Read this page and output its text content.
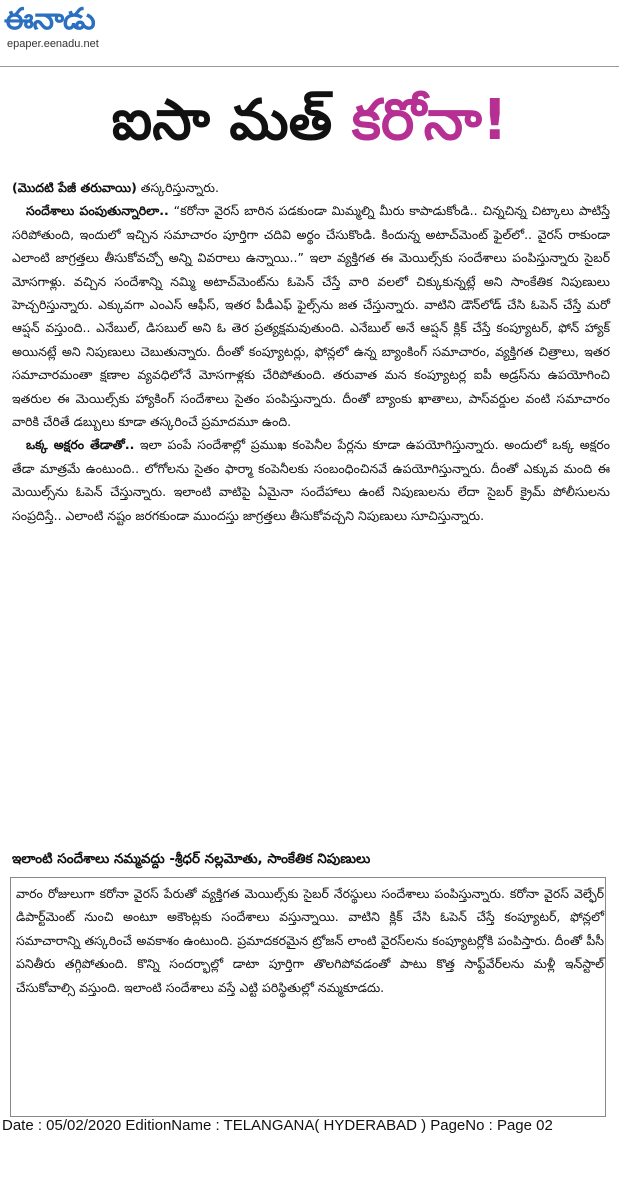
ఈనాడు
epaper.eenadu.net
ఐసా మత్ కరోనా!

(మొదటి పేజీ తరువాయి) తస్కరిస్తున్నారు.

సందేశాలు పంపుతున్నారిలా.. “కరోనా వైరస్ బారిన పడకుండా మిమ్మల్ని మీరు కాపాడుకోండి.. చిన్నచిన్న చిట్కాలు పాటిస్తే సరిపోతుంది, ఇందులో ఇచ్చిన సమాచారం పూర్తిగా చదివి అర్థం చేసుకొండి. కిందున్న అటాచ్‌మెంట్ ఫైల్‌లో.. వైరస్ రాకుండా ఎలాంటి జాగ్రత్తలు తీసుకోవచ్చో అన్ని వివరాలు ఉన్నాయి..” ఇలా వ్యక్తిగత ఈ మెయిల్స్‌కు సందేశాలు పంపిస్తున్నారు సైబర్ మోసగాళ్లు. వచ్చిన సందేశాన్ని నమ్మి అటాచ్‌మెంట్‌ను ఓపెన్ చేస్తే వారి వలలో చిక్కుకున్నట్లే అని సాంకేతిక నిపుణులు హెచ్చరిస్తున్నారు. ఎక్కువగా ఎంఎస్ ఆఫీస్, ఇతర పీడీఎఫ్ ఫైల్స్‌ను జత చేస్తున్నారు. వాటిని డౌన్‌లోడ్ చేసి ఓపెన్ చేస్తే మరో ఆప్షన్ వస్తుంది.. ఎనేబుల్, డిసబుల్ అని ఓ తెర ప్రత్యక్షమవుతుంది. ఎనేబుల్ అనే ఆప్షన్ క్లిక్ చేస్తే కంప్యూటర్, ఫోన్ హ్యాక్ అయినట్లే అని నిపుణులు చెబుతున్నారు. దీంతో కంప్యూటర్లు, ఫోన్లలో ఉన్న బ్యాంకింగ్ సమాచారం, వ్యక్తిగత చిత్రాలు, ఇతర సమాచారమంతా క్షణాల వ్యవధిలోనే మోసగాళ్లకు చేరిపోతుంది. తరువాత మన కంప్యూటర్ల ఐపీ అడ్రస్‌ను ఉపయోగించి ఇతరుల ఈ మెయిల్స్‌కు హ్యాకింగ్ సందేశాలు సైతం పంపిస్తున్నారు. దీంతో బ్యాంకు ఖాతాలు, పాస్‌వర్డుల వంటి సమాచారం వారికి చేరితే డబ్బులు కూడా తస్కరించే ప్రమాదమూ ఉంది.

ఒక్క అక్షరం తేడాతో.. ఇలా పంపే సందేశాల్లో ప్రముఖ కంపెనీల పేర్లను కూడా ఉపయోగిస్తున్నారు. అందులో ఒక్క అక్షరం తేడా మాత్రమే ఉంటుంది.. లోగోలను సైతం ఫార్మా కంపెనీలకు సంబంధించినవే ఉపయోగిస్తున్నారు. దీంతో ఎక్కువ మంది ఈ మెయిల్స్‌ను ఓపెన్ చేస్తున్నారు. ఇలాంటి వాటిపై ఏమైనా సందేహాలు ఉంటే నిపుణులను లేదా సైబర్ క్రైమ్ పోలీసులను సంప్రదిస్తే.. ఎలాంటి నష్టం జరగకుండా ముందస్తు జాగ్రత్తలు తీసుకోవచ్చని నిపుణులు సూచిస్తున్నారు.

ఇలాంటి సందేశాలు నమ్మవద్దు -శ్రీధర్ నల్లమోతు, సాంకేతిక నిపుణులు
వారం రోజులుగా కరోనా వైరస్ పేరుతో వ్యక్తిగత మెయిల్స్‌కు సైబర్ నేరస్థులు సందేశాలు పంపిస్తున్నారు. కరోనా వైరస్ వెల్ఫేర్ డిపార్ట్‌మెంట్ నుంచి అంటూ అకౌంట్లకు సందేశాలు వస్తున్నాయి. వాటిని క్లిక్ చేసి ఓపెన్ చేస్తే కంప్యూటర్, ఫోన్లలో సమాచారాన్ని తస్కరించే అవకాశం ఉంటుంది. ప్రమాదకరమైన ట్రోజన్ లాంటి వైరస్‌లను కంప్యూటర్లోకి పంపిస్తారు. దీంతో పీసీ పనితీరు తగ్గిపోతుంది. కొన్ని సందర్భాల్లో డాటా పూర్తిగా తొలగిపోవడంతో పాటు కొత్త సాఫ్ట్‌వేర్‌లను మళ్లీ ఇన్‌స్టాల్ చేసుకోవాల్సి వస్తుంది. ఇలాంటి సందేశాలు వస్తే ఎట్టి పరిస్థితుల్లో నమ్మకూడదు.
Date : 05/02/2020 EditionName : TELANGANA( HYDERABAD ) PageNo : Page 02
